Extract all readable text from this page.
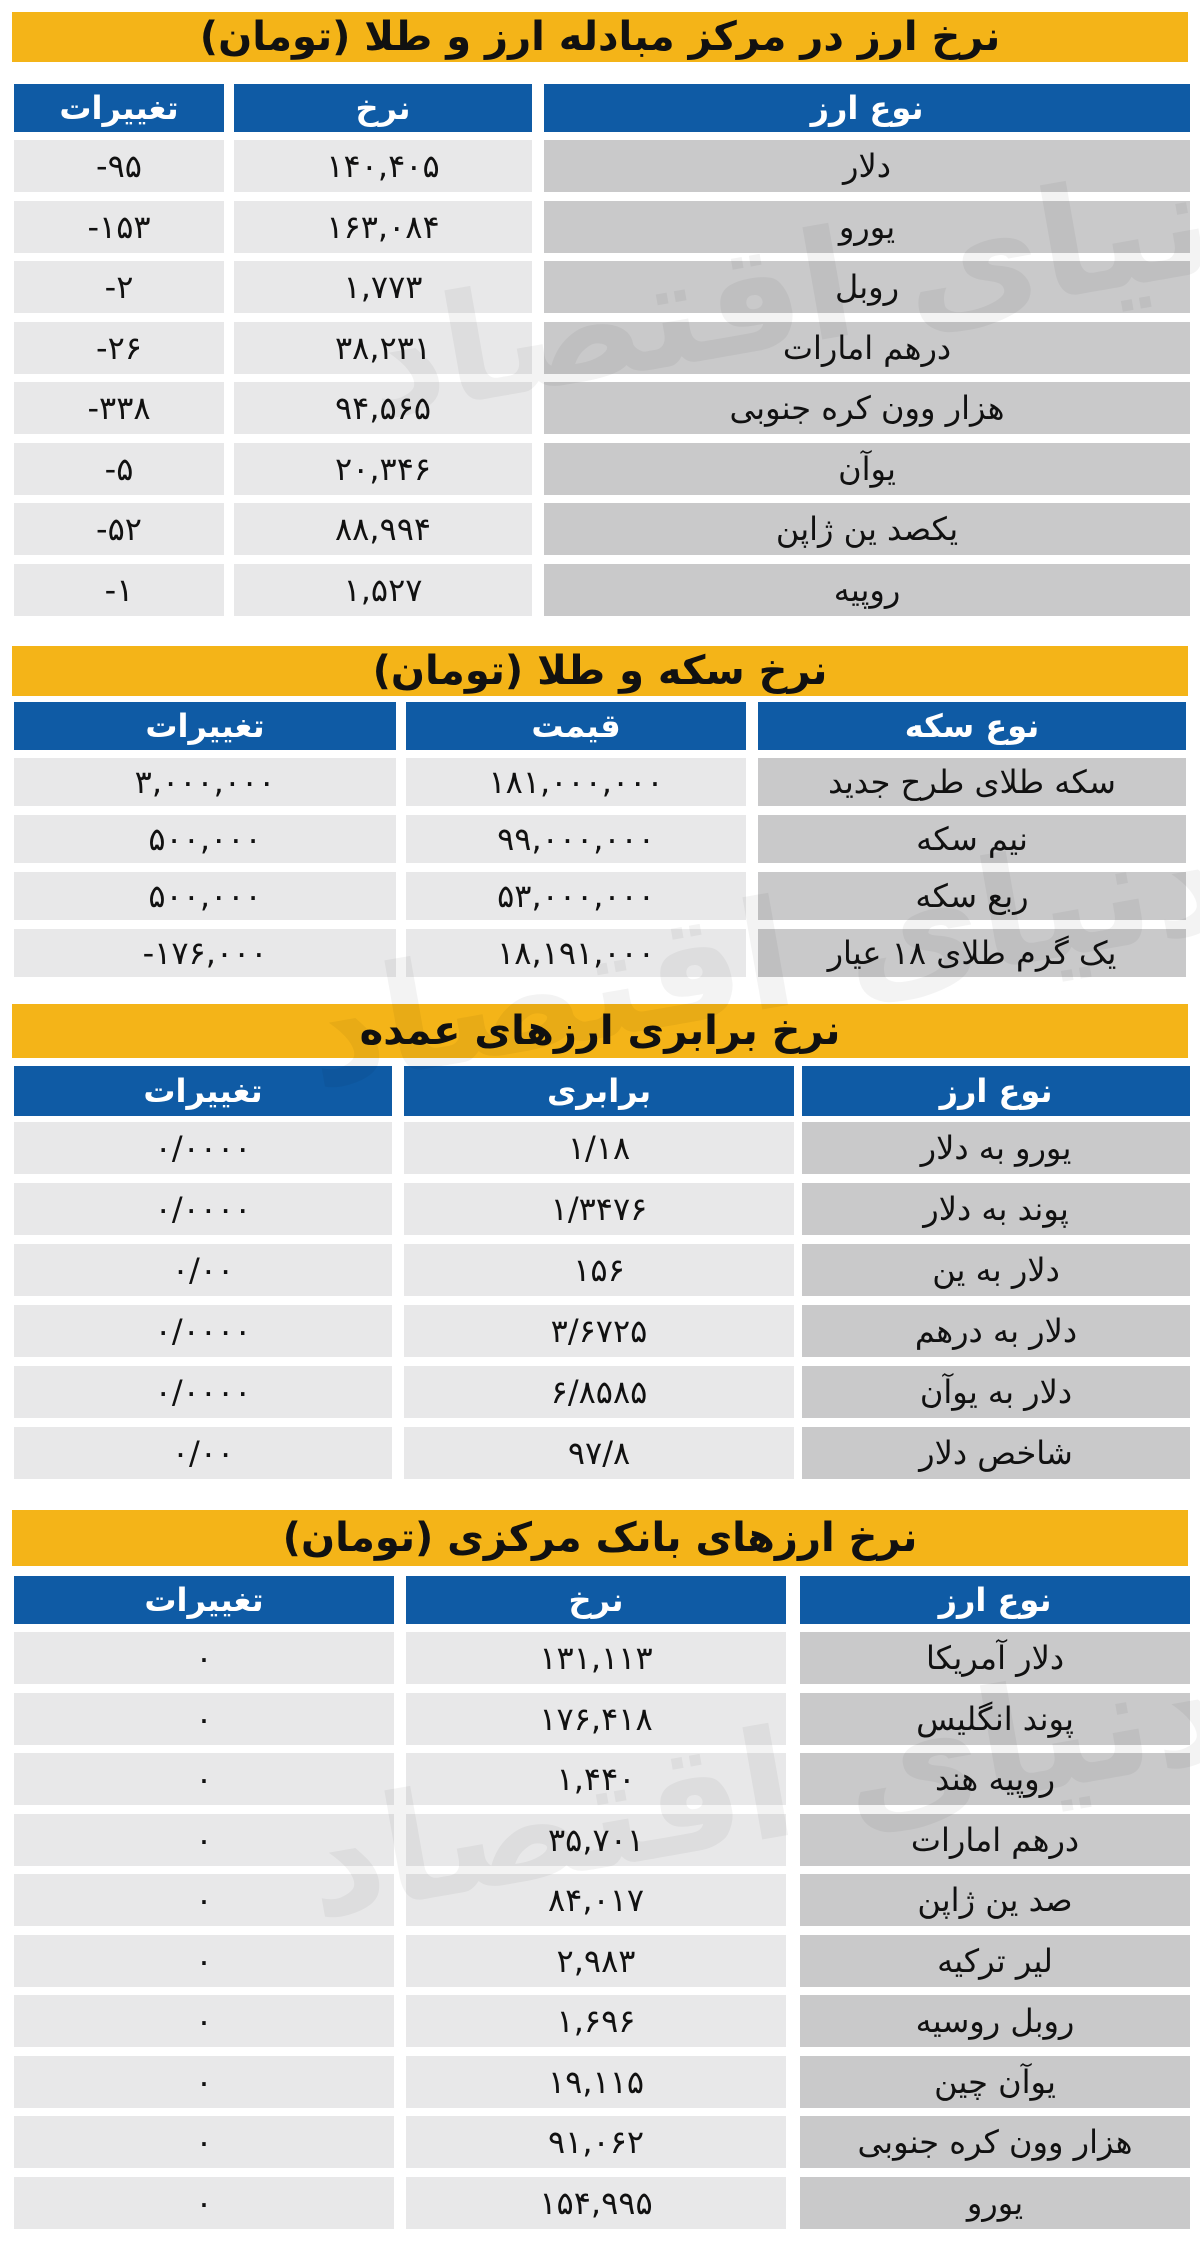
نرخ ارز در مرکز مبادله ارز و طلا (تومان)
نوع ارز
نرخ
تغییرات
دلار
۱۴۰,۴۰۵
-۹۵
یورو
۱۶۳,۰۸۴
-۱۵۳
روبل
۱,۷۷۳
-۲
درهم امارات
۳۸,۲۳۱
-۲۶
هزار وون کره جنوبی
۹۴,۵۶۵
-۳۳۸
یوآن
۲۰,۳۴۶
-۵
یکصد ین ژاپن
۸۸,۹۹۴
-۵۲
روپیه
۱,۵۲۷
-۱
نرخ سکه و طلا (تومان)
نوع سکه
قیمت
تغییرات
سکه طلای طرح جدید
۱۸۱,۰۰۰,۰۰۰
۳,۰۰۰,۰۰۰
نیم سکه
۹۹,۰۰۰,۰۰۰
۵۰۰,۰۰۰
ربع سکه
۵۳,۰۰۰,۰۰۰
۵۰۰,۰۰۰
یک گرم طلای ۱۸ عیار
۱۸,۱۹۱,۰۰۰
-۱۷۶,۰۰۰
نرخ برابری ارزهای عمده
نوع ارز
برابری
تغییرات
یورو به دلار
۱/۱۸
۰/۰۰۰۰
پوند به دلار
۱/۳۴۷۶
۰/۰۰۰۰
دلار به ین
۱۵۶
۰/۰۰
دلار به درهم
۳/۶۷۲۵
۰/۰۰۰۰
دلار به یوآن
۶/۸۵۸۵
۰/۰۰۰۰
شاخص دلار
۹۷/۸
۰/۰۰
نرخ ارزهای بانک مرکزی (تومان)
نوع ارز
نرخ
تغییرات
دلار آمریکا
۱۳۱,۱۱۳
۰
پوند انگلیس
۱۷۶,۴۱۸
۰
روپیه هند
۱,۴۴۰
۰
درهم امارات
۳۵,۷۰۱
۰
صد ین ژاپن
۸۴,۰۱۷
۰
لیر ترکیه
۲,۹۸۳
۰
روبل روسیه
۱,۶۹۶
۰
یوآن چین
۱۹,۱۱۵
۰
هزار وون کره جنوبی
۹۱,۰۶۲
۰
یورو
۱۵۴,۹۹۵
۰
